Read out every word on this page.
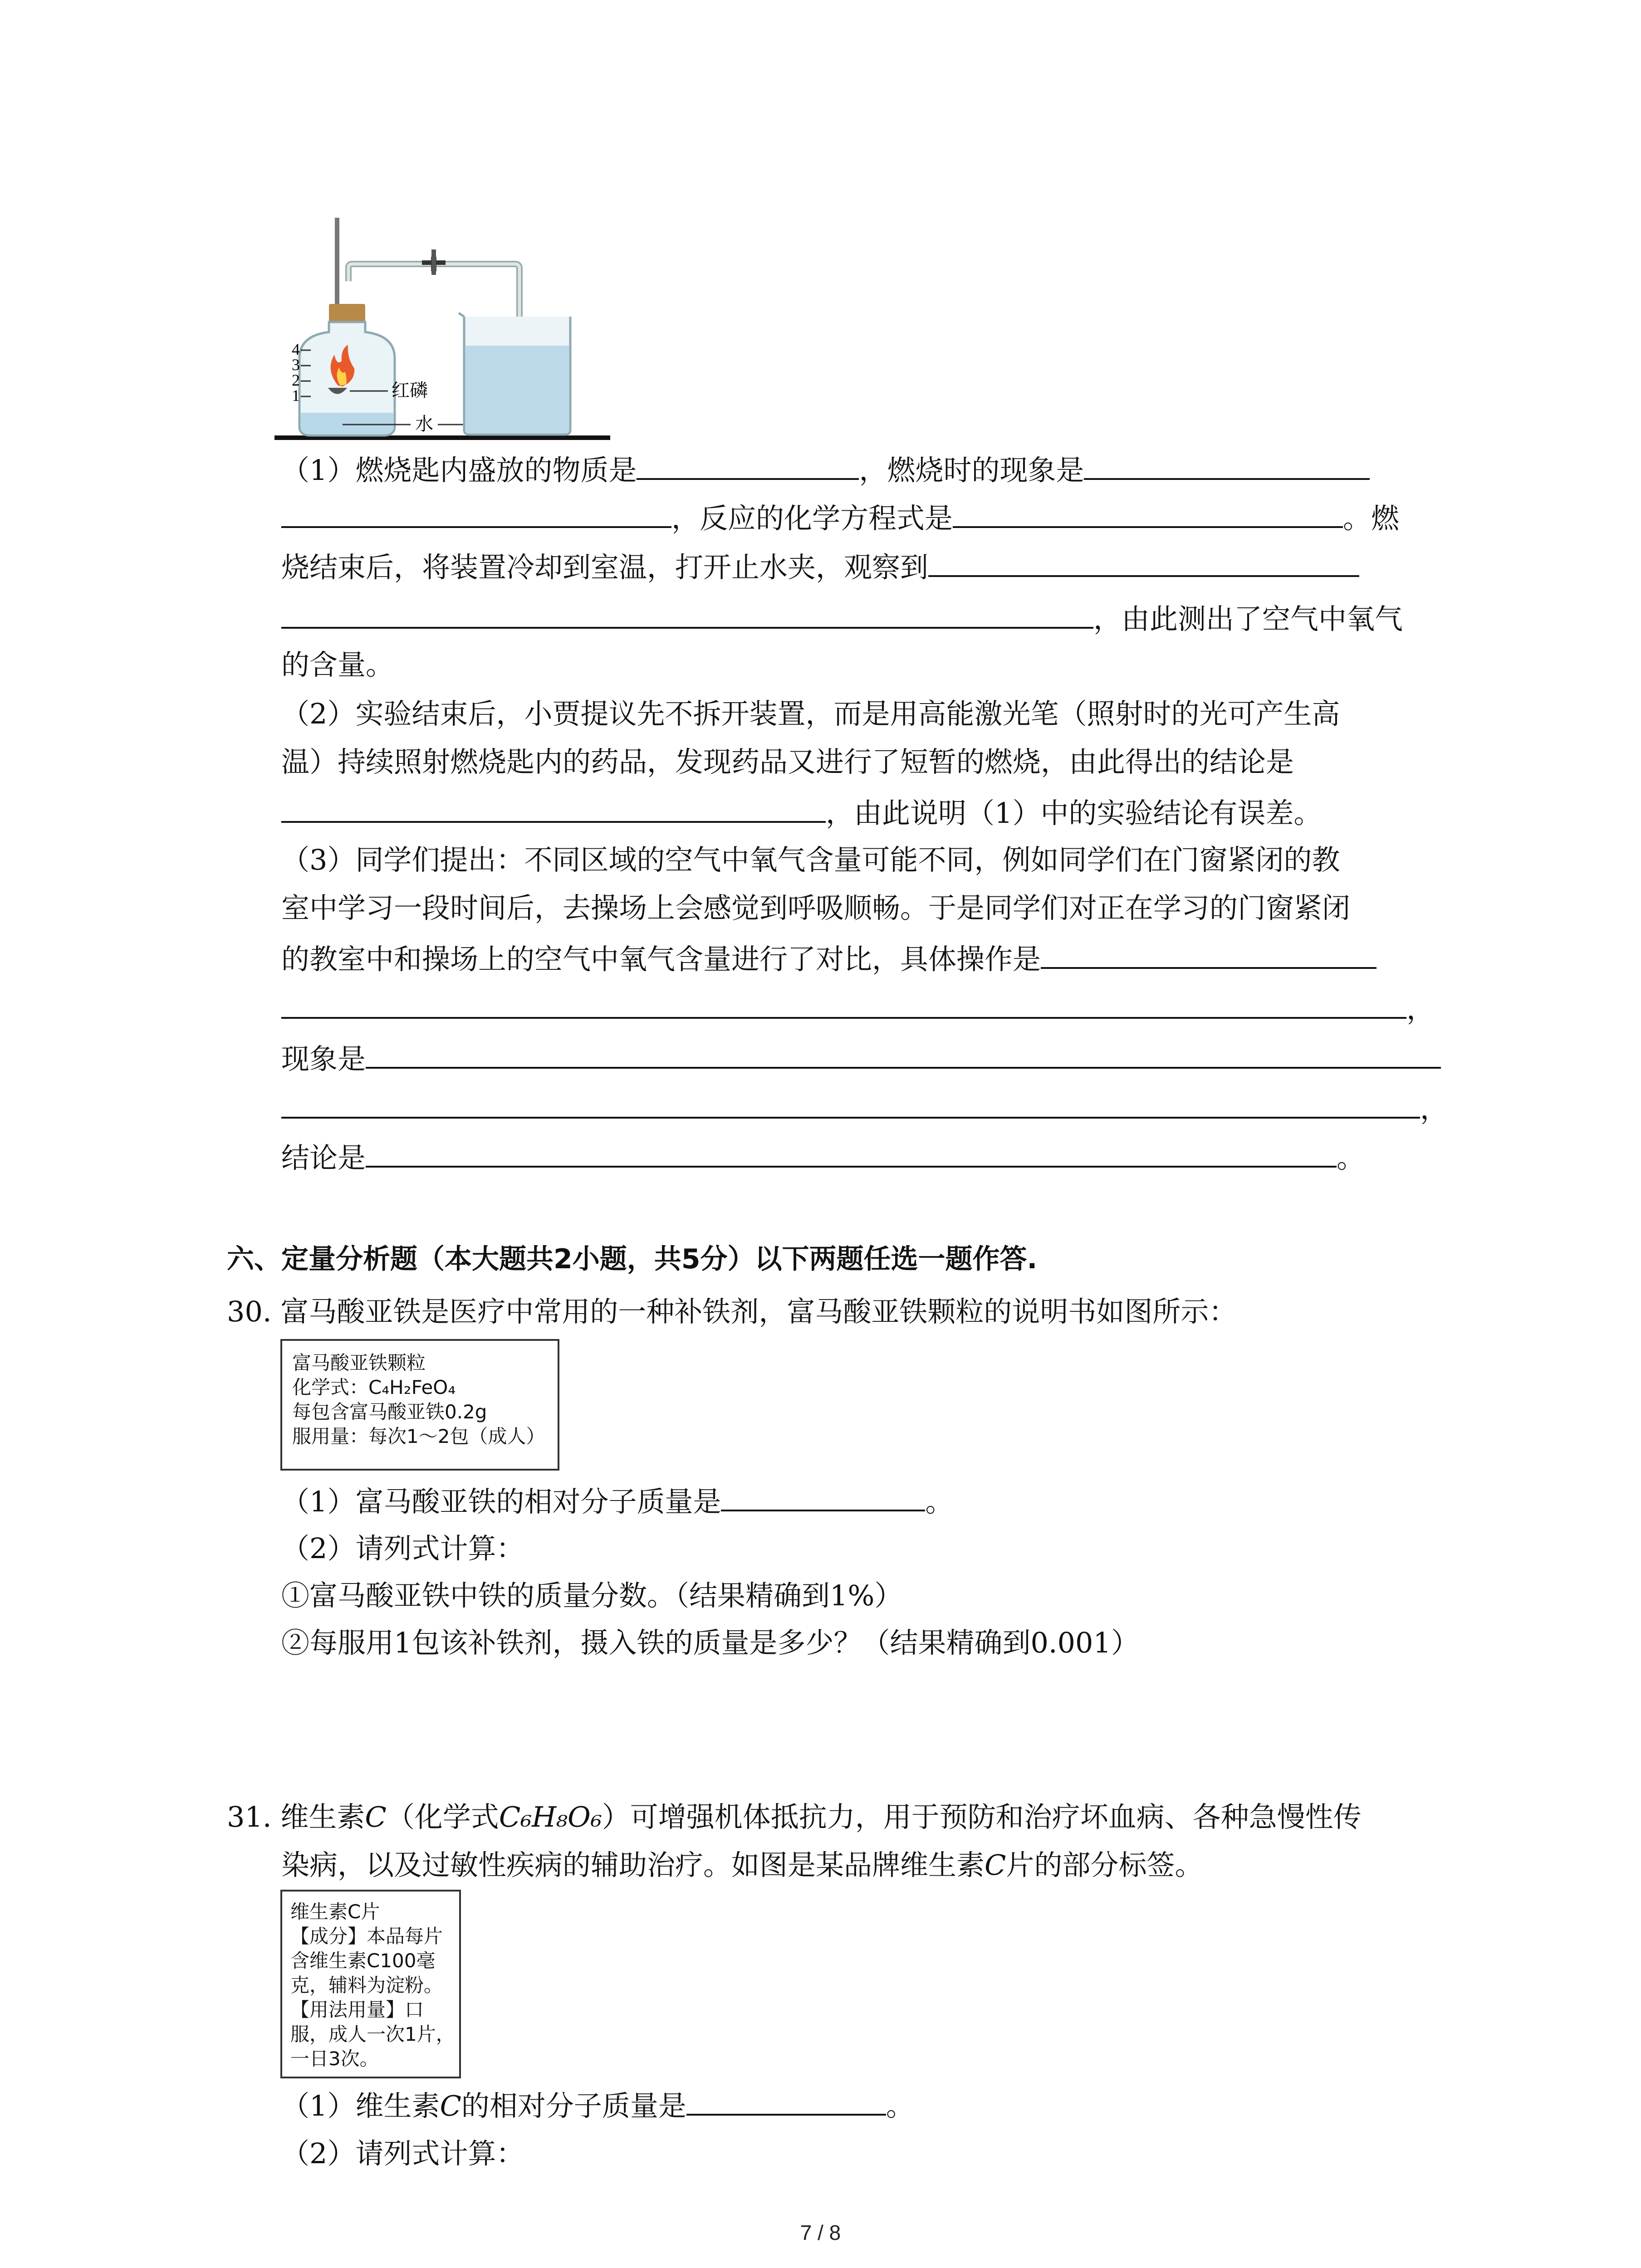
4
3
2
1	红磷
水
（1）燃烧匙内盛放的物质是	，燃烧时的现象是
，反应的化学方程式是	。燃
烧结束后，将装置冷却到室温，打开止水夹，观察到
，由此测出了空气中氧气
的含量。
（2）实验结束后，小贾提议先不拆开装置，而是用高能激光笔（照射时的光可产生高
温）持续照射燃烧匙内的药品，发现药品又进行了短暂的燃烧，由此得出的结论是
，由此说明（1）中的实验结论有误差。
（3）同学们提出：不同区域的空气中氧气含量可能不同，例如同学们在门窗紧闭的教
室中学习一段时间后，去操场上会感觉到呼吸顺畅。于是同学们对正在学习的门窗紧闭
的教室中和操场上的空气中氧气含量进行了对比，具体操作是
，
现象是
，
结论是	。
六、定量分析题（本大题共2小题，共5分）以下两题任选一题作答.
30. 富马酸亚铁是医疗中常用的一种补铁剂，富马酸亚铁颗粒的说明书如图所示：
富马酸亚铁颗粒
化学式：C₄H₂FeO₄
每包含富马酸亚铁0.2g
服用量：每次1～2包（成人）
（1）富马酸亚铁的相对分子质量是	。
（2）请列式计算：
①富马酸亚铁中铁的质量分数。（结果精确到1%）
②每服用1包该补铁剂，摄入铁的质量是多少？（结果精确到0.001）
31. 维生素C（化学式C₆H₈O₆）可增强机体抵抗力，用于预防和治疗坏血病、各种急慢性传
染病，以及过敏性疾病的辅助治疗。如图是某品牌维生素C片的部分标签。
维生素C片
【成分】本品每片
含维生素C100毫
克，辅料为淀粉。
【用法用量】口
服，成人一次1片，
一日3次。
（1）维生素C的相对分子质量是	。
（2）请列式计算：
7 / 8
